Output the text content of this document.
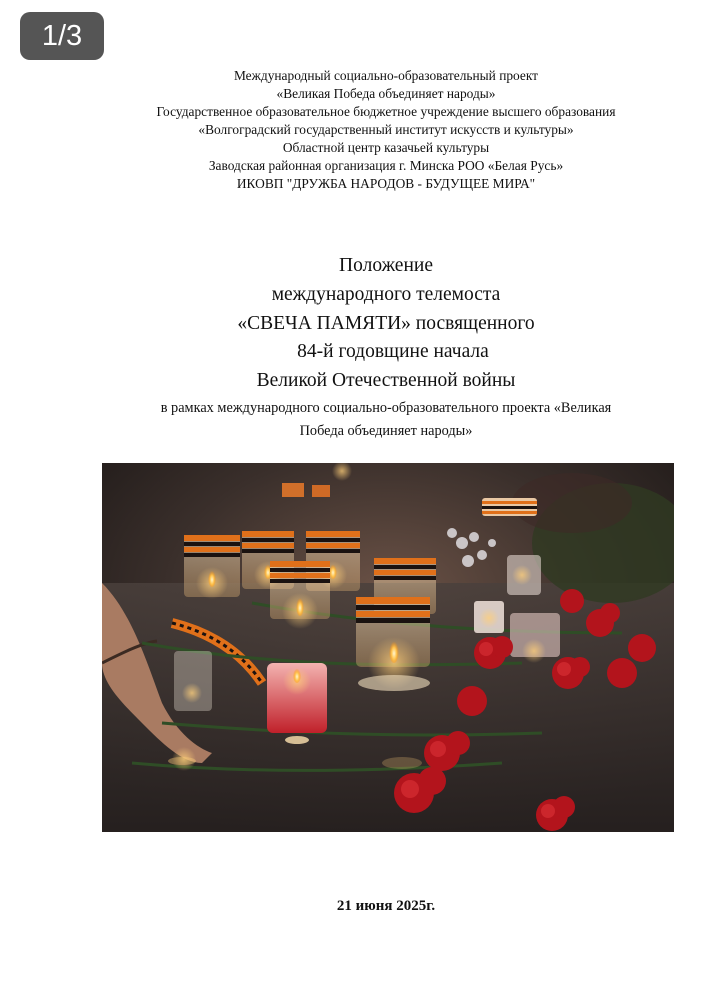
1/3
Международный социально-образовательный проект
«Великая Победа объединяет народы»
Государственное образовательное бюджетное учреждение высшего образования
«Волгоградский государственный институт искусств и культуры»
Областной центр казачьей культуры
Заводская районная организация г. Минска РОО «Белая Русь»
ИКОВП "ДРУЖБА НАРОДОВ - БУДУЩЕЕ МИРА"
Положение
международного телемоста
«СВЕЧА ПАМЯТИ» посвященного
84-й годовщине начала
Великой Отечественной войны
в рамках международного социально-образовательного проекта «Великая
Победа объединяет народы»
21 июня 2025г.
